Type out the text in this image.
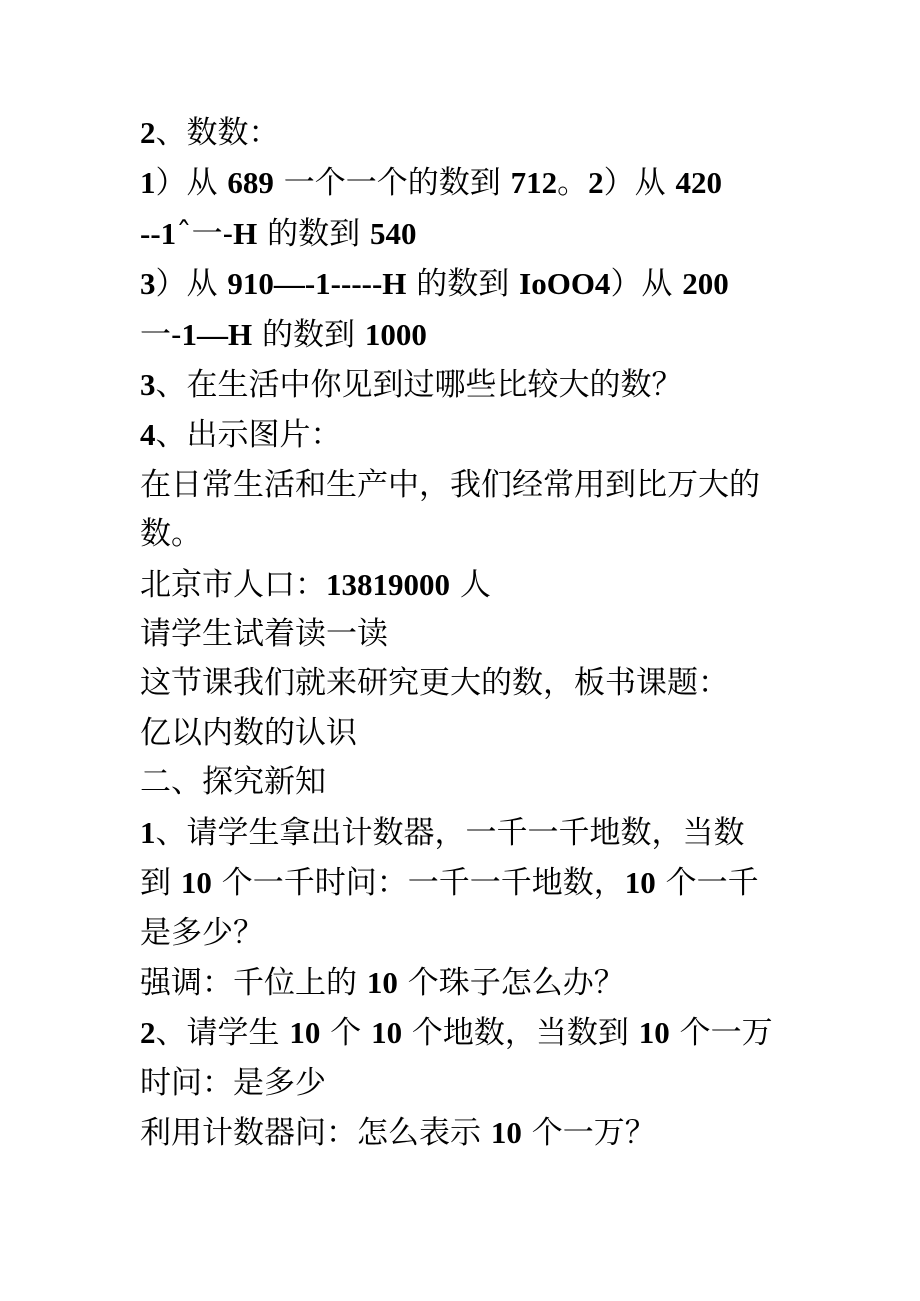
2、数数：

1）从 689 一个一个的数到 712。2）从 420

--1ˆ一-H 的数到 540

3）从 910—-1-----H 的数到 IoOO4）从 200

一-1—H 的数到 1000

3、在生活中你见到过哪些比较大的数？

4、出示图片：

在日常生活和生产中，我们经常用到比万大的

数。

北京市人口：13819000 人

请学生试着读一读

这节课我们就来研究更大的数，板书课题：

亿以内数的认识

二、探究新知

1、请学生拿出计数器，一千一千地数，当数

到 10 个一千时问：一千一千地数，10 个一千

是多少？

强调：千位上的 10 个珠子怎么办？

2、请学生 10 个 10 个地数，当数到 10 个一万

时问：是多少

利用计数器问：怎么表示 10 个一万？
